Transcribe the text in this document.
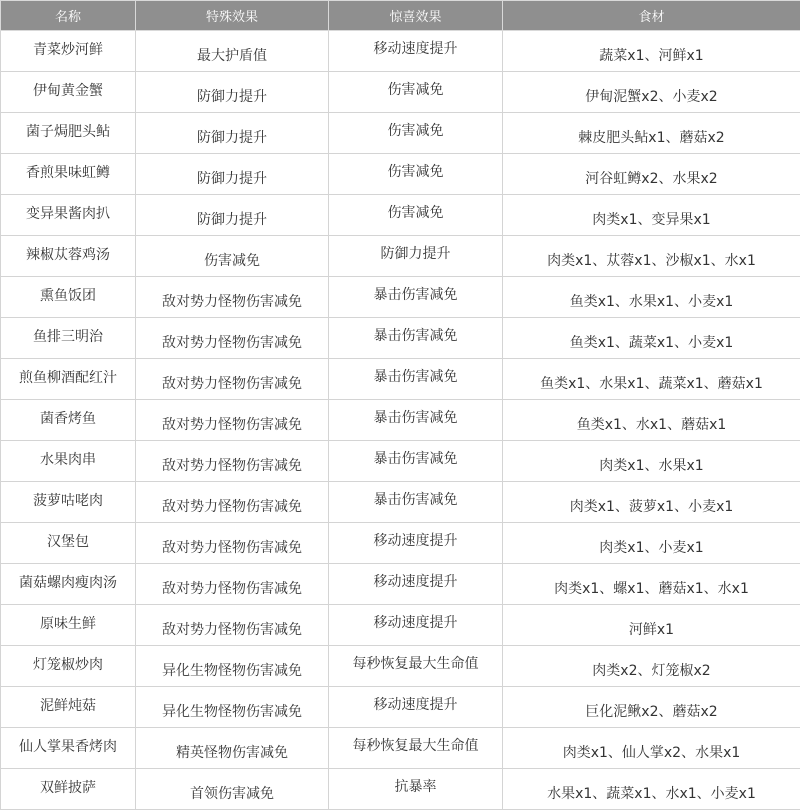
名称	特殊效果	惊喜效果	食材
青菜炒河鲜	最大护盾值	移动速度提升	蔬菜x1、河鲜x1
伊甸黄金蟹	防御力提升	伤害减免	伊甸泥蟹x2、小麦x2
菌子焗肥头鲇	防御力提升	伤害减免	棘皮肥头鲇x1、蘑菇x2
香煎果味虹鳟	防御力提升	伤害减免	河谷虹鳟x2、水果x2
变异果酱肉扒	防御力提升	伤害减免	肉类x1、变异果x1
辣椒苁蓉鸡汤	伤害减免	防御力提升	肉类x1、苁蓉x1、沙椒x1、水x1
熏鱼饭团	敌对势力怪物伤害减免	暴击伤害减免	鱼类x1、水果x1、小麦x1
鱼排三明治	敌对势力怪物伤害减免	暴击伤害减免	鱼类x1、蔬菜x1、小麦x1
煎鱼柳酒配红汁	敌对势力怪物伤害减免	暴击伤害减免	鱼类x1、水果x1、蔬菜x1、蘑菇x1
菌香烤鱼	敌对势力怪物伤害减免	暴击伤害减免	鱼类x1、水x1、蘑菇x1
水果肉串	敌对势力怪物伤害减免	暴击伤害减免	肉类x1、水果x1
菠萝咕咾肉	敌对势力怪物伤害减免	暴击伤害减免	肉类x1、菠萝x1、小麦x1
汉堡包	敌对势力怪物伤害减免	移动速度提升	肉类x1、小麦x1
菌菇螺肉瘦肉汤	敌对势力怪物伤害减免	移动速度提升	肉类x1、螺x1、蘑菇x1、水x1
原味生鲜	敌对势力怪物伤害减免	移动速度提升	河鲜x1
灯笼椒炒肉	异化生物怪物伤害减免	每秒恢复最大生命值	肉类x2、灯笼椒x2
泥鲜炖菇	异化生物怪物伤害减免	移动速度提升	巨化泥鳅x2、蘑菇x2
仙人掌果香烤肉	精英怪物伤害减免	每秒恢复最大生命值	肉类x1、仙人掌x2、水果x1
双鲜披萨	首领伤害减免	抗暴率	水果x1、蔬菜x1、水x1、小麦x1
